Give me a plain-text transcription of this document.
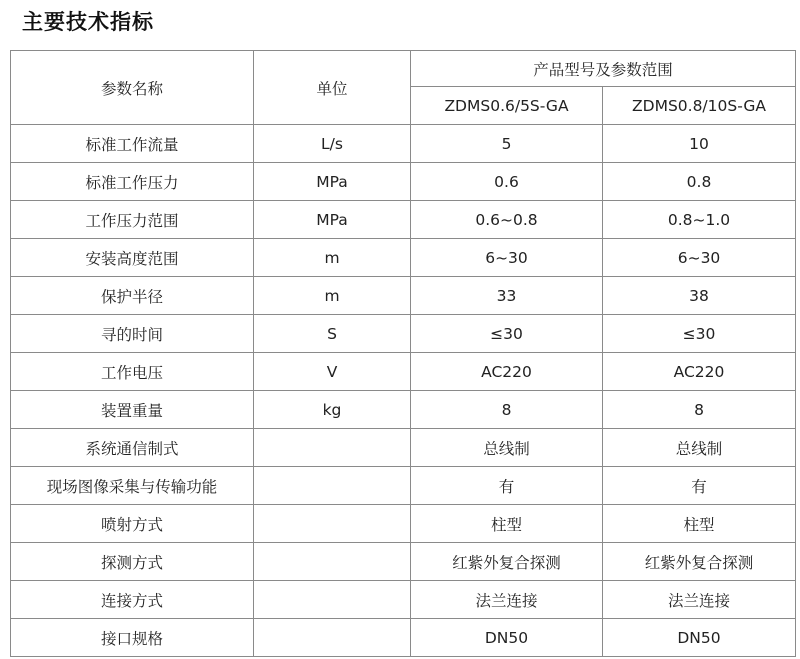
主要技术指标
参数名称	单位	产品型号及参数范围	
		ZDMS0.6/5S-GA	ZDMS0.8/10S-GA
标准工作流量	L/s	5	10
标准工作压力	MPa	0.6	0.8
工作压力范围	MPa	0.6~0.8	0.8~1.0
安装高度范围	m	6~30	6~30
保护半径	m	33	38
寻的时间	S	≤30	≤30
工作电压	V	AC220	AC220
装置重量	kg	8	8
系统通信制式		总线制	总线制
现场图像采集与传输功能		有	有
喷射方式		柱型	柱型
探测方式		红紫外复合探测	红紫外复合探测
连接方式		法兰连接	法兰连接
接口规格		DN50	DN50
